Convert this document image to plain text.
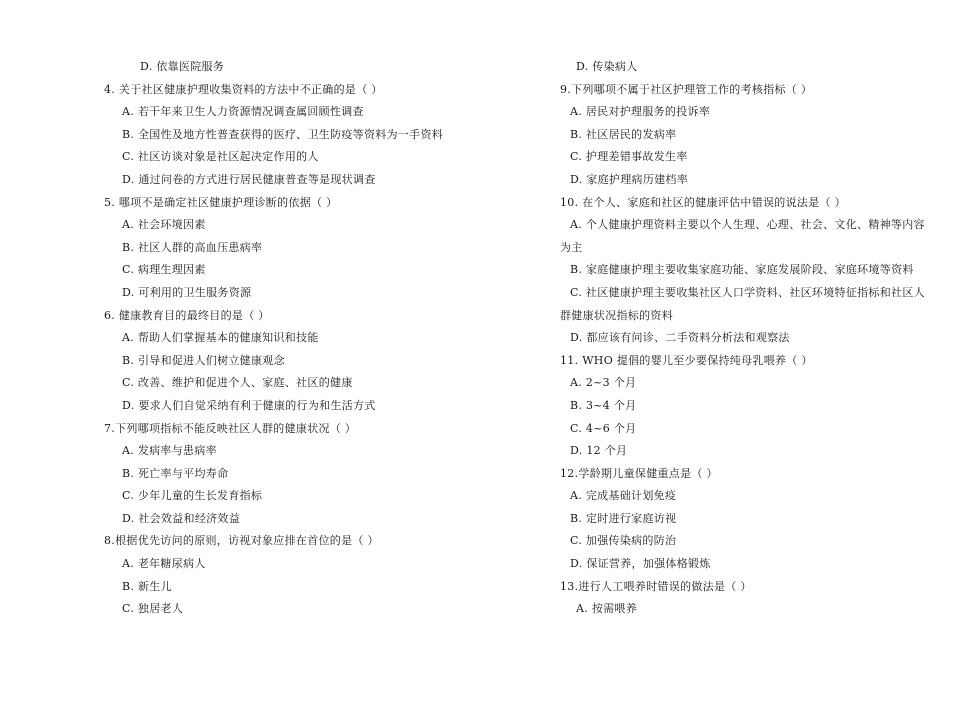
D. 依靠医院服务
4. 关于社区健康护理收集资料的方法中不正确的是（ ）
A. 若干年来卫生人力资源情况调查属回顾性调查
B. 全国性及地方性普查获得的医疗、卫生防疫等资料为一手资料
C. 社区访谈对象是社区起决定作用的人
D. 通过问卷的方式进行居民健康普查等是现状调查
5. 哪项不是确定社区健康护理诊断的依据（ ）
A. 社会环境因素
B. 社区人群的高血压患病率
C. 病理生理因素
D. 可利用的卫生服务资源
6. 健康教育目的最终目的是（ ）
A. 帮助人们掌握基本的健康知识和技能
B. 引导和促进人们树立健康观念
C. 改善、维护和促进个人、家庭、社区的健康
D. 要求人们自觉采纳有利于健康的行为和生活方式
7.下列哪项指标不能反映社区人群的健康状况（ ）
A. 发病率与患病率
B. 死亡率与平均寿命
C. 少年儿童的生长发育指标
D. 社会效益和经济效益
8.根据优先访问的原则，访视对象应排在首位的是（ ）
A. 老年糖尿病人
B. 新生儿
C. 独居老人
D. 传染病人
9.下列哪项不属于社区护理管工作的考核指标（ ）
A. 居民对护理服务的投诉率
B. 社区居民的发病率
C. 护理差错事故发生率
D. 家庭护理病历建档率
10. 在个人、家庭和社区的健康评估中错误的说法是（ ）
A. 个人健康护理资料主要以个人生理、心理、社会、文化、精神等内容
为主
B. 家庭健康护理主要收集家庭功能、家庭发展阶段、家庭环境等资料
C. 社区健康护理主要收集社区人口学资料、社区环境特征指标和社区人
群健康状况指标的资料
D. 都应该有问诊、二手资料分析法和观察法
11. WHO 提倡的婴儿至少要保持纯母乳喂养（ ）
A. 2~3 个月
B. 3~4 个月
C. 4~6 个月
D. 12 个月
12.学龄期儿童保健重点是（ ）
A. 完成基础计划免疫
B. 定时进行家庭访视
C. 加强传染病的防治
D. 保证营养，加强体格锻炼
13.进行人工喂养时错误的做法是（ ）
A. 按需喂养
